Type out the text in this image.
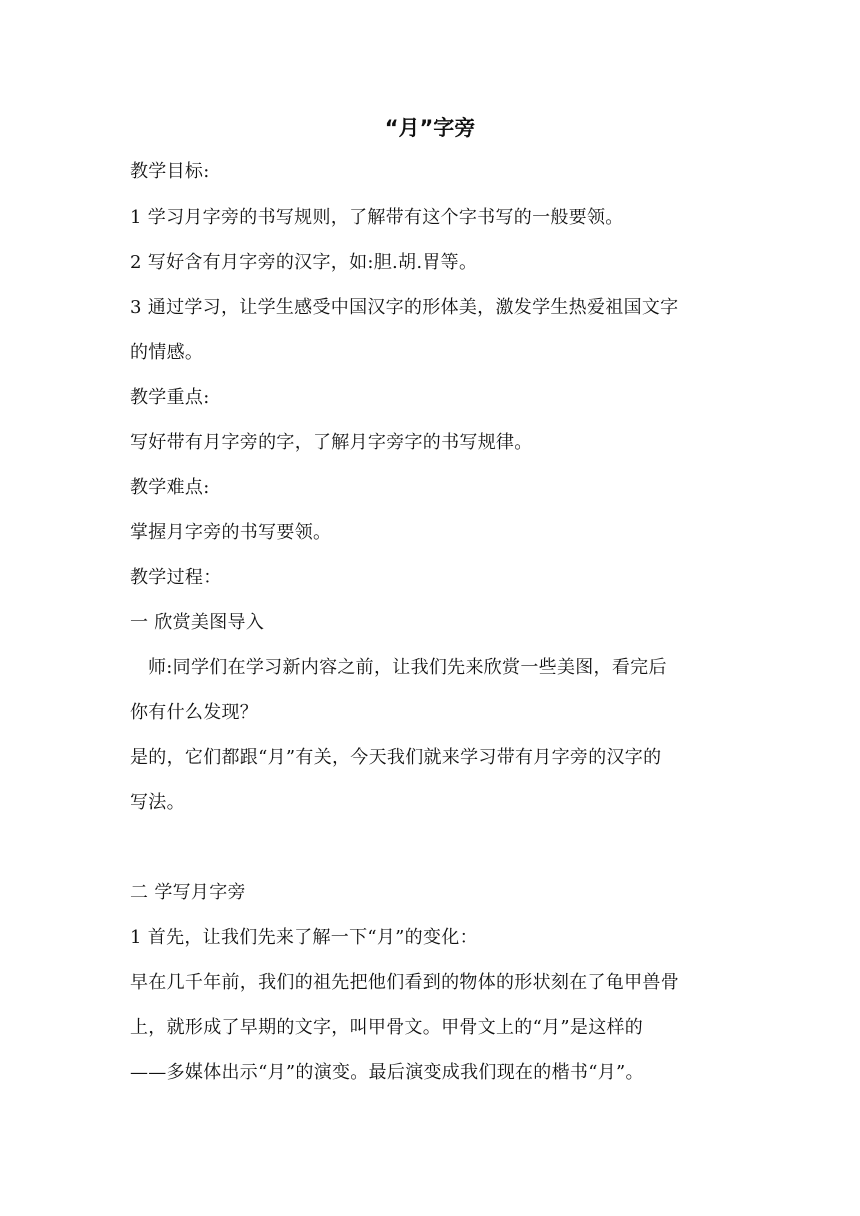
“月”字旁
教学目标:
1 学习月字旁的书写规则，了解带有这个字书写的一般要领。
2 写好含有月字旁的汉字，如:胆.胡.胃等。
3 通过学习，让学生感受中国汉字的形体美，激发学生热爱祖国文字
的情感。
教学重点:
写好带有月字旁的字，了解月字旁字的书写规律。
教学难点:
掌握月字旁的书写要领。
教学过程：
一 欣赏美图导入
师:同学们在学习新内容之前，让我们先来欣赏一些美图，看完后
你有什么发现？
是的，它们都跟“月”有关，今天我们就来学习带有月字旁的汉字的
写法。
二 学写月字旁
1 首先，让我们先来了解一下“月”的变化：
早在几千年前，我们的祖先把他们看到的物体的形状刻在了龟甲兽骨
上，就形成了早期的文字，叫甲骨文。甲骨文上的“月”是这样的
——多媒体出示“月”的演变。最后演变成我们现在的楷书“月”。
